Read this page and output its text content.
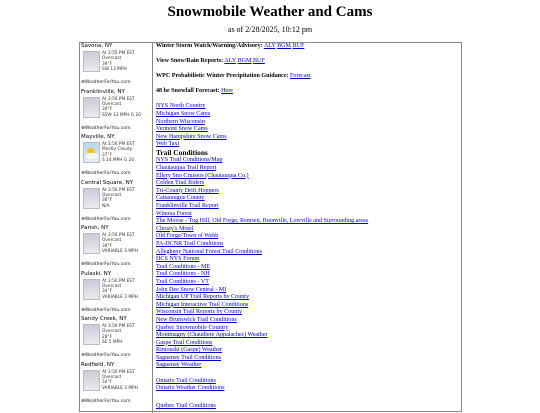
Snowmobile Weather and Cams
as of 2/28/2025, 10:12 pm
Savona, NY
At 3:55 PM EST
Overcast
39°F
SW 13 MPH
⊕WeatherForYou.com
Franklinville, NY
At 3:56 PM EST
Overcast
34°F
SSW 13 MPH G 20
⊕WeatherForYou.com
Mayville, NY
At 3:56 PM EST
Mostly Cloudy
37°F
S 14 MPH G 20
⊕WeatherForYou.com
Central Square, NY
At 3:56 PM EST
Overcast
36°F
N/A
⊕WeatherForYou.com
Parish, NY
At 3:56 PM EST
Overcast
34°F
VARIABLE 3 MPH
⊕WeatherForYou.com
Pulaski, NY
At 3:56 PM EST
Overcast
34°F
VARIABLE 3 MPH
⊕WeatherForYou.com
Sandy Creek, NY
At 3:56 PM EST
Overcast
28°F
SE 5 MPH
⊕WeatherForYou.com
Redfield, NY
At 3:56 PM EST
Overcast
34°F
VARIABLE 3 MPH
⊕WeatherForYou.com
Winter Storm Watch/Warning/Advisory: ALY BGM BUF
View Snow/Rain Reports: ALY BGM BUF
WPC Probabilistic Winter Precipitation Guidance: Forecast
48 hr Snowfall Forecast: Here
NYS North Country
Michigan Snow Cams
Northern Wisconsin
Vermont Snow Cams
New Hampshire Snow Cams
Web Taxi
Trail Conditions
NYS Trail Conditions/Map
Chautauqua Trail Report
Ellery Sno Cruisers (Chautauqua Co.)
Colden Trail Riders
Tri-County Drift Hoppers
Cattaraugus County
Franklinville Trail Report
Winona Forest
The Moose - Tug Hill, Old Forge, Remsen, Boonville, Lowville and Surrounding areas
Christy's Motel
Old Forge/Town of Webb
PA-DCNR Trail Conditions
Allegheny National Forest Trail Conditions
HCS NYS Forum
Trail Conditions - ME
Trail Conditions - NH
Trail Conditions - VT
John Dee Snow Central - MI
Michigan UP Trail Reports by County
Michigan Interactive Trail Conditions
Wisconsin Trail Reports by County
New Brunswick Trail Conditions
Quebec Snowmobile Country
Montmagny (Chaudiere Appalaches) Weather
Gaspe Trail Conditions
Rimouski (Gaspe) Weather
Saguenay Trail Conditions
Saguenay Weather
Ontario Trail Conditions
Ontario Weather Conditions
Quebec Trail Conditions
